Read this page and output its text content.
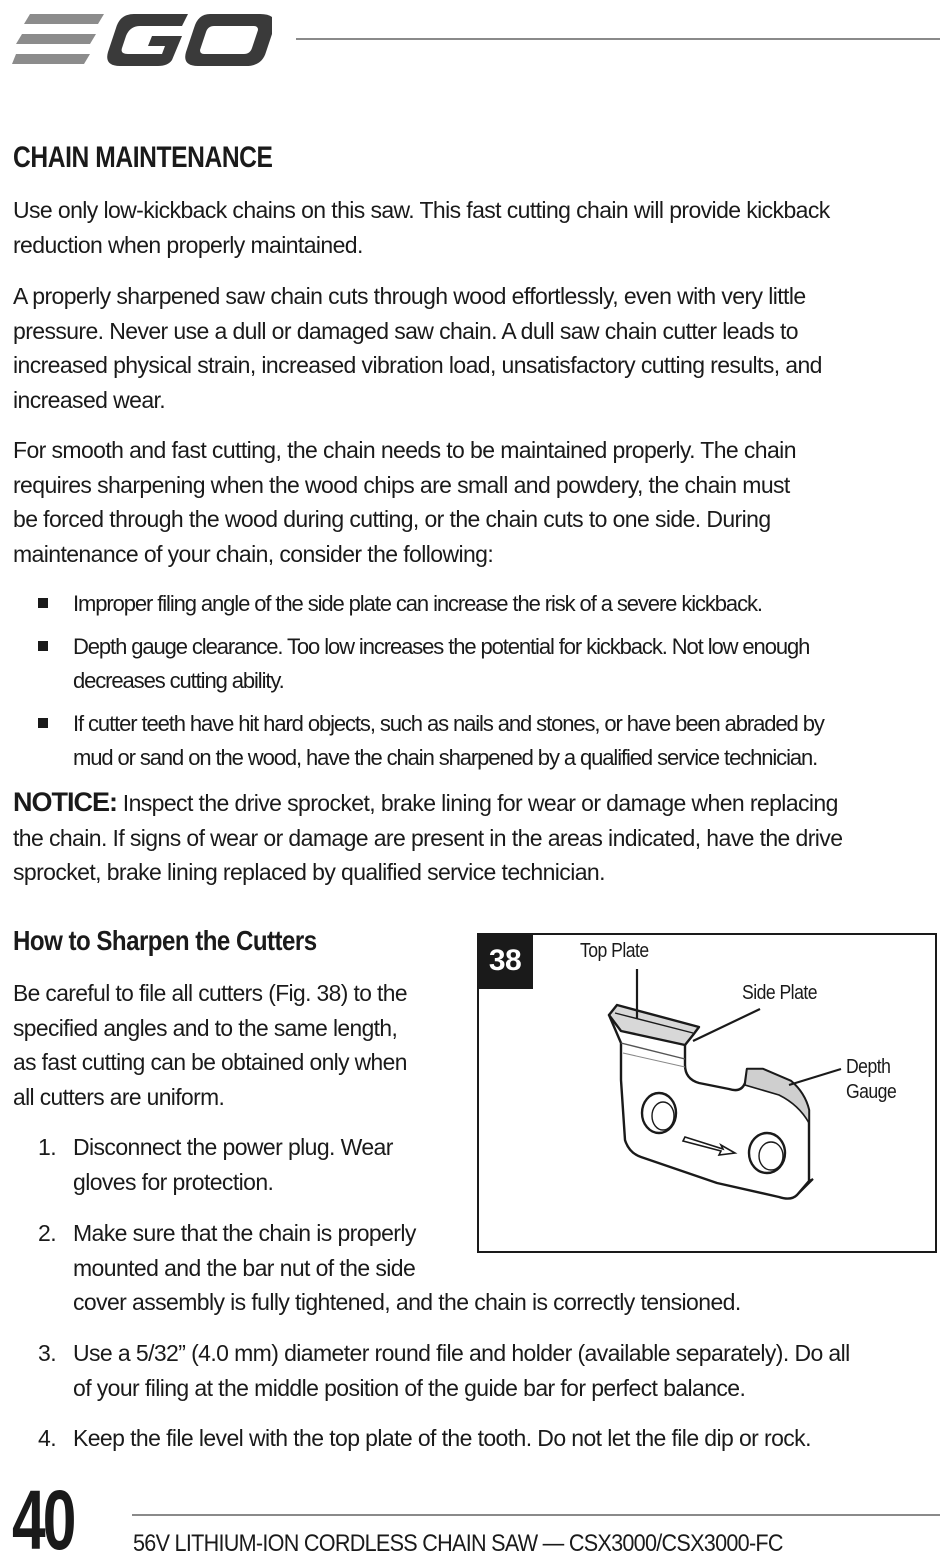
CHAIN MAINTENANCE
Use only low-kickback chains on this saw. This fast cutting chain will provide kickback
reduction when properly maintained.
A properly sharpened saw chain cuts through wood effortlessly, even with very little
pressure. Never use a dull or damaged saw chain. A dull saw chain cutter leads to
increased physical strain, increased vibration load, unsatisfactory cutting results, and
increased wear.
For smooth and fast cutting, the chain needs to be maintained properly. The chain
requires sharpening when the wood chips are small and powdery, the chain must
be forced through the wood during cutting, or the chain cuts to one side. During
maintenance of your chain, consider the following:
Improper filing angle of the side plate can increase the risk of a severe kickback.
Depth gauge clearance. Too low increases the potential for kickback. Not low enough
decreases cutting ability.
If cutter teeth have hit hard objects, such as nails and stones, or have been abraded by
mud or sand on the wood, have the chain sharpened by a qualified service technician.
NOTICE: Inspect the drive sprocket, brake lining for wear or damage when replacing
the chain. If signs of wear or damage are present in the areas indicated, have the drive
sprocket, brake lining replaced by qualified service technician.
How to Sharpen the Cutters
Be careful to file all cutters (Fig. 38) to the
specified angles and to the same length,
as fast cutting can be obtained only when
all cutters are uniform.
1. Disconnect the power plug. Wear
gloves for protection.
2. Make sure that the chain is properly
mounted and the bar nut of the side
cover assembly is fully tightened, and the chain is correctly tensioned.
3. Use a 5/32” (4.0 mm) diameter round file and holder (available separately). Do all
of your filing at the middle position of the guide bar for perfect balance.
4. Keep the file level with the top plate of the tooth. Do not let the file dip or rock.
38	Top Plate
Side Plate
Depth
Gauge
40 56V LITHIUM-ION CORDLESS CHAIN SAW — CSX3000/CSX3000-FC
